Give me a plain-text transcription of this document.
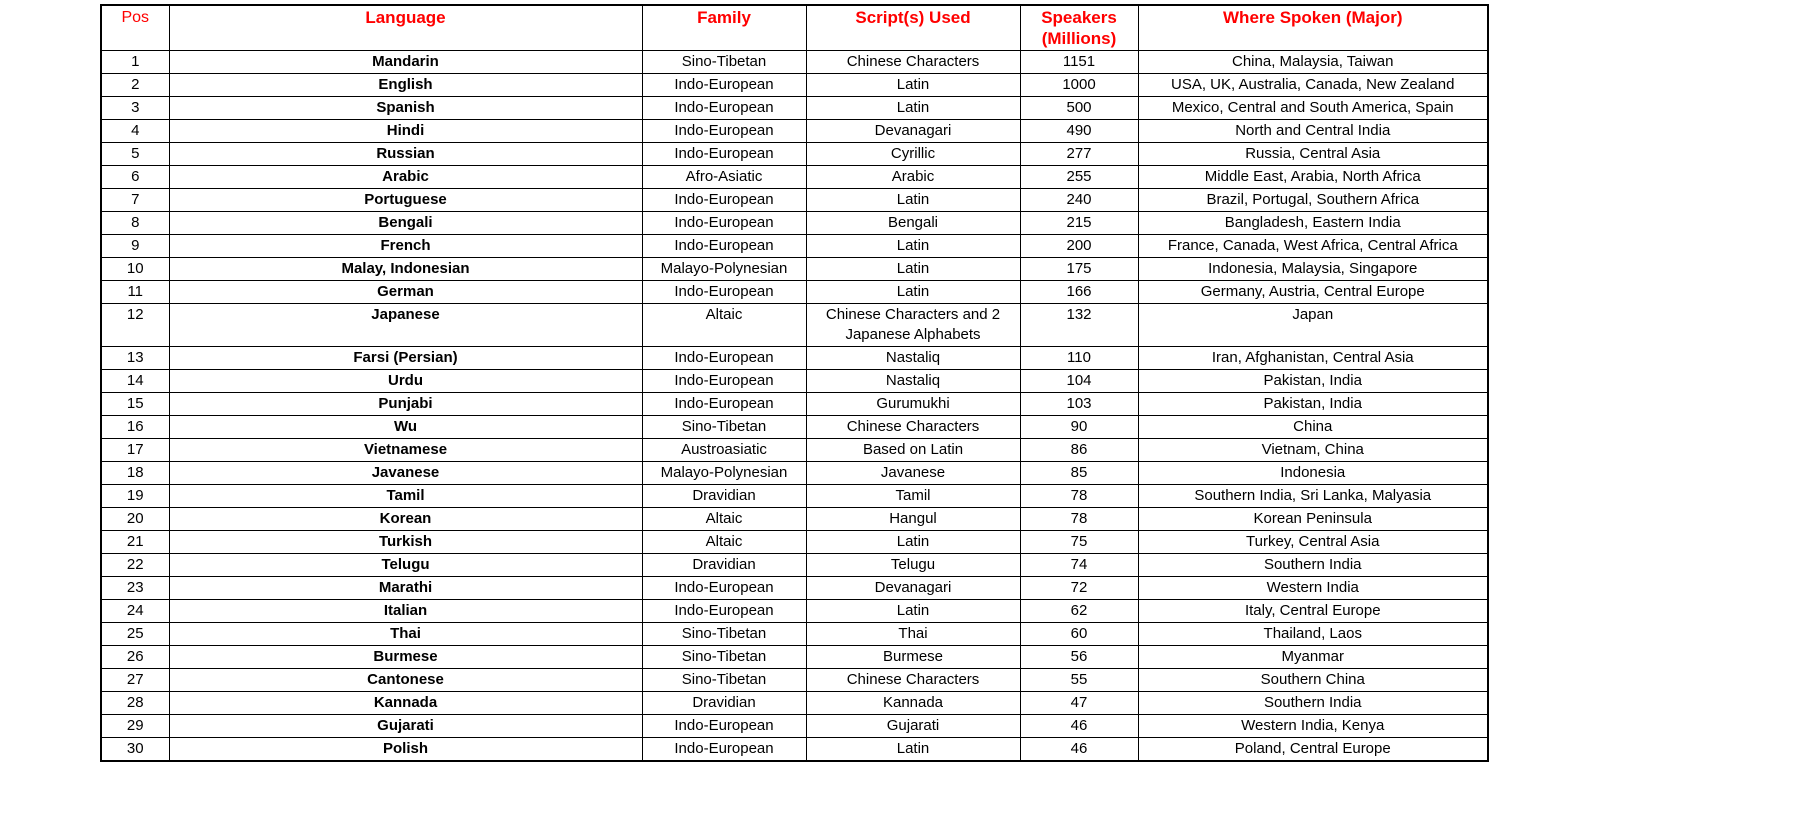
Pos	Language	Family	Script(s) Used	Speakers (Millions)	Where Spoken (Major)
1	Mandarin	Sino-Tibetan	Chinese Characters	1151	China, Malaysia, Taiwan
2	English	Indo-European	Latin	1000	USA, UK, Australia, Canada, New Zealand
3	Spanish	Indo-European	Latin	500	Mexico, Central and South America, Spain
4	Hindi	Indo-European	Devanagari	490	North and Central India
5	Russian	Indo-European	Cyrillic	277	Russia, Central Asia
6	Arabic	Afro-Asiatic	Arabic	255	Middle East, Arabia, North Africa
7	Portuguese	Indo-European	Latin	240	Brazil, Portugal, Southern Africa
8	Bengali	Indo-European	Bengali	215	Bangladesh, Eastern India
9	French	Indo-European	Latin	200	France, Canada, West Africa, Central Africa
10	Malay, Indonesian	Malayo-Polynesian	Latin	175	Indonesia, Malaysia, Singapore
11	German	Indo-European	Latin	166	Germany, Austria, Central Europe
12	Japanese	Altaic	Chinese Characters and 2 Japanese Alphabets	132	Japan
13	Farsi (Persian)	Indo-European	Nastaliq	110	Iran, Afghanistan, Central Asia
14	Urdu	Indo-European	Nastaliq	104	Pakistan, India
15	Punjabi	Indo-European	Gurumukhi	103	Pakistan, India
16	Wu	Sino-Tibetan	Chinese Characters	90	China
17	Vietnamese	Austroasiatic	Based on Latin	86	Vietnam, China
18	Javanese	Malayo-Polynesian	Javanese	85	Indonesia
19	Tamil	Dravidian	Tamil	78	Southern India, Sri Lanka, Malyasia
20	Korean	Altaic	Hangul	78	Korean Peninsula
21	Turkish	Altaic	Latin	75	Turkey, Central Asia
22	Telugu	Dravidian	Telugu	74	Southern India
23	Marathi	Indo-European	Devanagari	72	Western India
24	Italian	Indo-European	Latin	62	Italy, Central Europe
25	Thai	Sino-Tibetan	Thai	60	Thailand, Laos
26	Burmese	Sino-Tibetan	Burmese	56	Myanmar
27	Cantonese	Sino-Tibetan	Chinese Characters	55	Southern China
28	Kannada	Dravidian	Kannada	47	Southern India
29	Gujarati	Indo-European	Gujarati	46	Western India, Kenya
30	Polish	Indo-European	Latin	46	Poland, Central Europe
